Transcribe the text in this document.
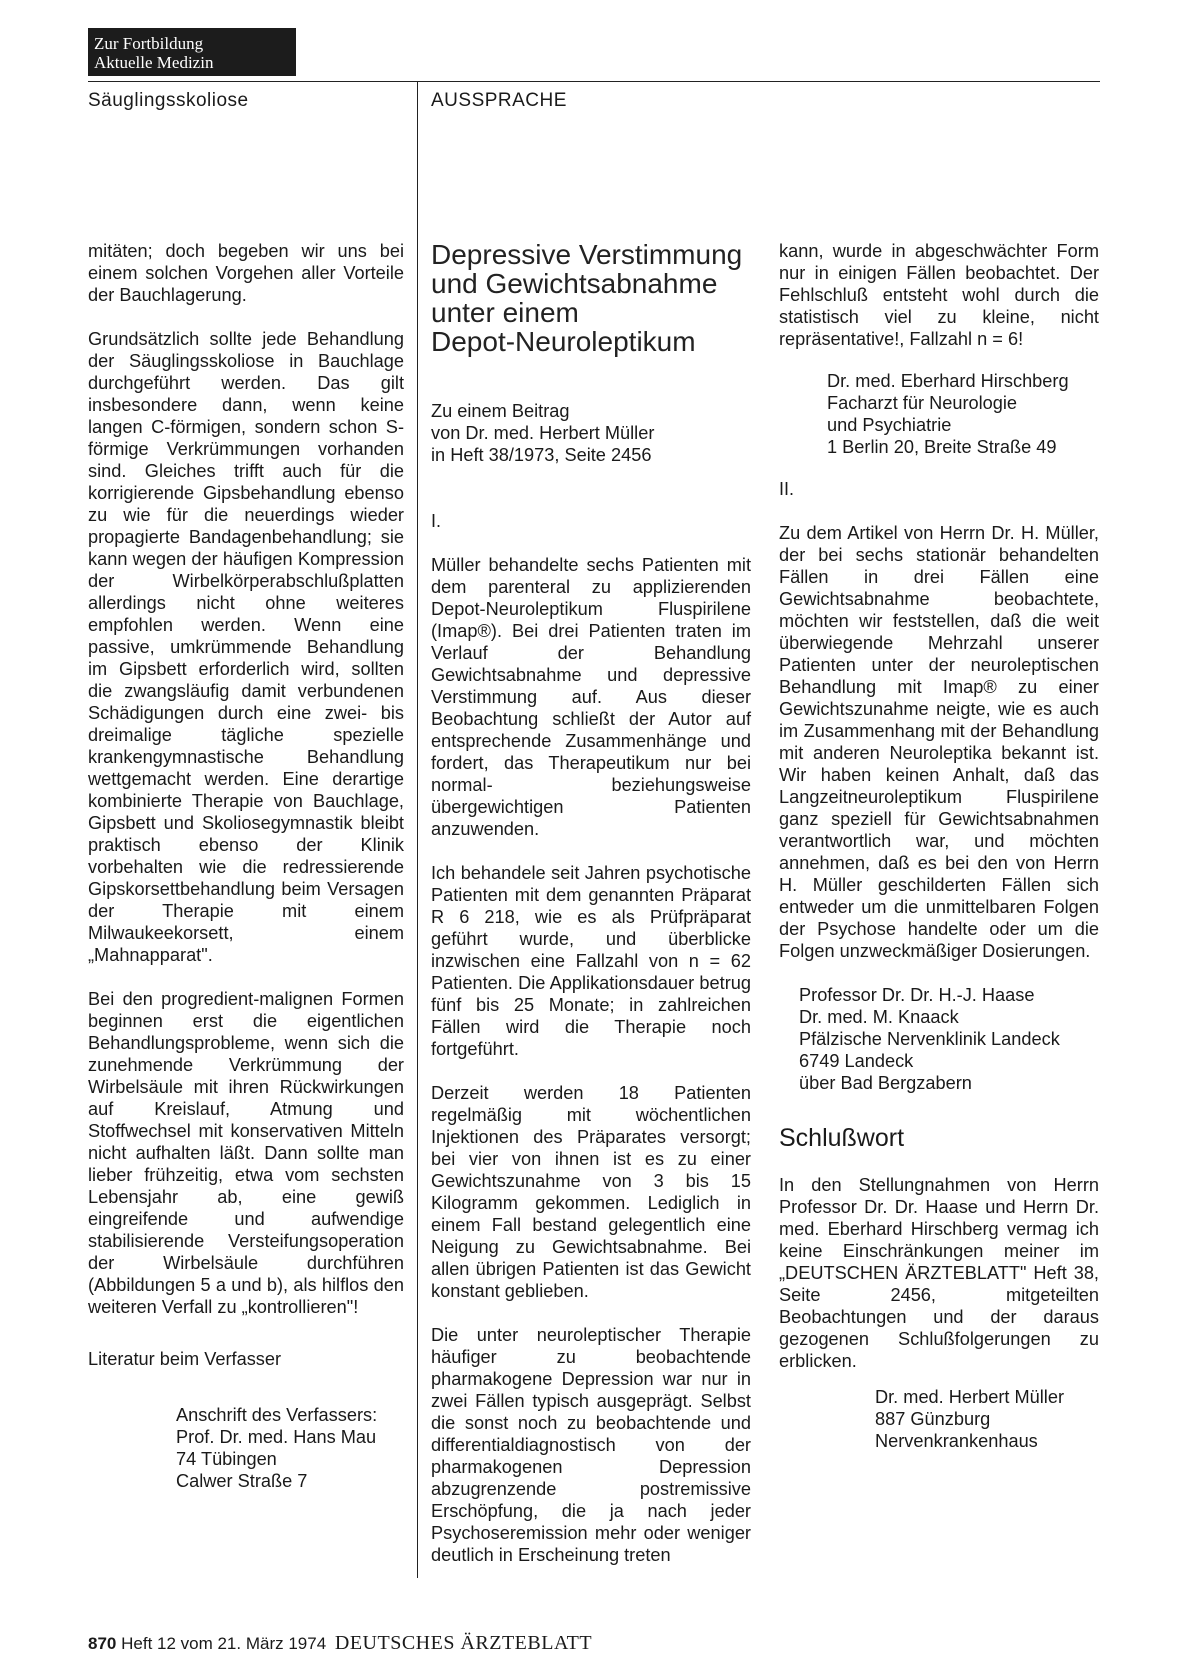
Zur Fortbildung
Aktuelle Medizin
Säuglingsskoliose	AUSSPRACHE

mitäten; doch begeben wir uns bei einem solchen Vorgehen aller Vorteile der Bauchlagerung.

Grundsätzlich sollte jede Behandlung der Säuglingsskoliose in Bauchlage durchgeführt werden. Das gilt insbesondere dann, wenn keine langen C-förmigen, sondern schon S-förmige Verkrümmungen vorhanden sind. Gleiches trifft auch für die korrigierende Gipsbehandlung ebenso zu wie für die neuerdings wieder propagierte Bandagenbehandlung; sie kann wegen der häufigen Kompression der Wirbelkörperabschlußplatten allerdings nicht ohne weiteres empfohlen werden. Wenn eine passive, umkrümmende Behandlung im Gipsbett erforderlich wird, sollten die zwangsläufig damit verbundenen Schädigungen durch eine zwei- bis dreimalige tägliche spezielle krankengymnastische Behandlung wettgemacht werden. Eine derartige kombinierte Therapie von Bauchlage, Gipsbett und Skoliosegymnastik bleibt praktisch ebenso der Klinik vorbehalten wie die redressierende Gipskorsettbehandlung beim Versagen der Therapie mit einem Milwaukeekorsett, einem „Mahnapparat".

Bei den progredient-malignen Formen beginnen erst die eigentlichen Behandlungsprobleme, wenn sich die zunehmende Verkrümmung der Wirbelsäule mit ihren Rückwirkungen auf Kreislauf, Atmung und Stoffwechsel mit konservativen Mitteln nicht aufhalten läßt. Dann sollte man lieber frühzeitig, etwa vom sechsten Lebensjahr ab, eine gewiß eingreifende und aufwendige stabilisierende Versteifungsoperation der Wirbelsäule durchführen (Abbildungen 5 a und b), als hilflos den weiteren Verfall zu „kontrollieren"!

Literatur beim Verfasser

Anschrift des Verfassers:
Prof. Dr. med. Hans Mau
74 Tübingen
Calwer Straße 7
Depressive Verstimmung
und Gewichtsabnahme
unter einem
Depot-Neuroleptikum
Zu einem Beitrag
von Dr. med. Herbert Müller
in Heft 38/1973, Seite 2456
I.

Müller behandelte sechs Patienten mit dem parenteral zu applizierenden Depot-Neuroleptikum Fluspirilene (Imap®). Bei drei Patienten traten im Verlauf der Behandlung Gewichtsabnahme und depressive Verstimmung auf. Aus dieser Beobachtung schließt der Autor auf entsprechende Zusammenhänge und fordert, das Therapeutikum nur bei normal- beziehungsweise übergewichtigen Patienten anzuwenden.

Ich behandele seit Jahren psychotische Patienten mit dem genannten Präparat R 6 218, wie es als Prüfpräparat geführt wurde, und überblicke inzwischen eine Fallzahl von n = 62 Patienten. Die Applikationsdauer betrug fünf bis 25 Monate; in zahlreichen Fällen wird die Therapie noch fortgeführt.

Derzeit werden 18 Patienten regelmäßig mit wöchentlichen Injektionen des Präparates versorgt; bei vier von ihnen ist es zu einer Gewichtszunahme von 3 bis 15 Kilogramm gekommen. Lediglich in einem Fall bestand gelegentlich eine Neigung zu Gewichtsabnahme. Bei allen übrigen Patienten ist das Gewicht konstant geblieben.

Die unter neuroleptischer Therapie häufiger zu beobachtende pharmakogene Depression war nur in zwei Fällen typisch ausgeprägt. Selbst die sonst noch zu beobachtende und differentialdiagnostisch von der pharmakogenen Depression abzugrenzende postremissive Erschöpfung, die ja nach jeder Psychoseremission mehr oder weniger deutlich in Erscheinung treten

kann, wurde in abgeschwächter Form nur in einigen Fällen beobachtet. Der Fehlschluß entsteht wohl durch die statistisch viel zu kleine, nicht repräsentative!, Fallzahl n = 6!

Dr. med. Eberhard Hirschberg
Facharzt für Neurologie
und Psychiatrie
1 Berlin 20, Breite Straße 49
II.

Zu dem Artikel von Herrn Dr. H. Müller, der bei sechs stationär behandelten Fällen in drei Fällen eine Gewichtsabnahme beobachtete, möchten wir feststellen, daß die weit überwiegende Mehrzahl unserer Patienten unter der neuroleptischen Behandlung mit Imap® zu einer Gewichtszunahme neigte, wie es auch im Zusammenhang mit der Behandlung mit anderen Neuroleptika bekannt ist. Wir haben keinen Anhalt, daß das Langzeitneuroleptikum Fluspirilene ganz speziell für Gewichtsabnahmen verantwortlich war, und möchten annehmen, daß es bei den von Herrn H. Müller geschilderten Fällen sich entweder um die unmittelbaren Folgen der Psychose handelte oder um die Folgen unzweckmäßiger Dosierungen.

Professor Dr. Dr. H.-J. Haase
Dr. med. M. Knaack
Pfälzische Nervenklinik Landeck
6749 Landeck
über Bad Bergzabern
Schlußwort

In den Stellungnahmen von Herrn Professor Dr. Dr. Haase und Herrn Dr. med. Eberhard Hirschberg vermag ich keine Einschränkungen meiner im „DEUTSCHEN ÄRZTEBLATT" Heft 38, Seite 2456, mitgeteilten Beobachtungen und der daraus gezogenen Schlußfolgerungen zu erblicken.

Dr. med. Herbert Müller
887 Günzburg
Nervenkrankenhaus
870 Heft 12 vom 21. März 1974 DEUTSCHES ÄRZTEBLATT
